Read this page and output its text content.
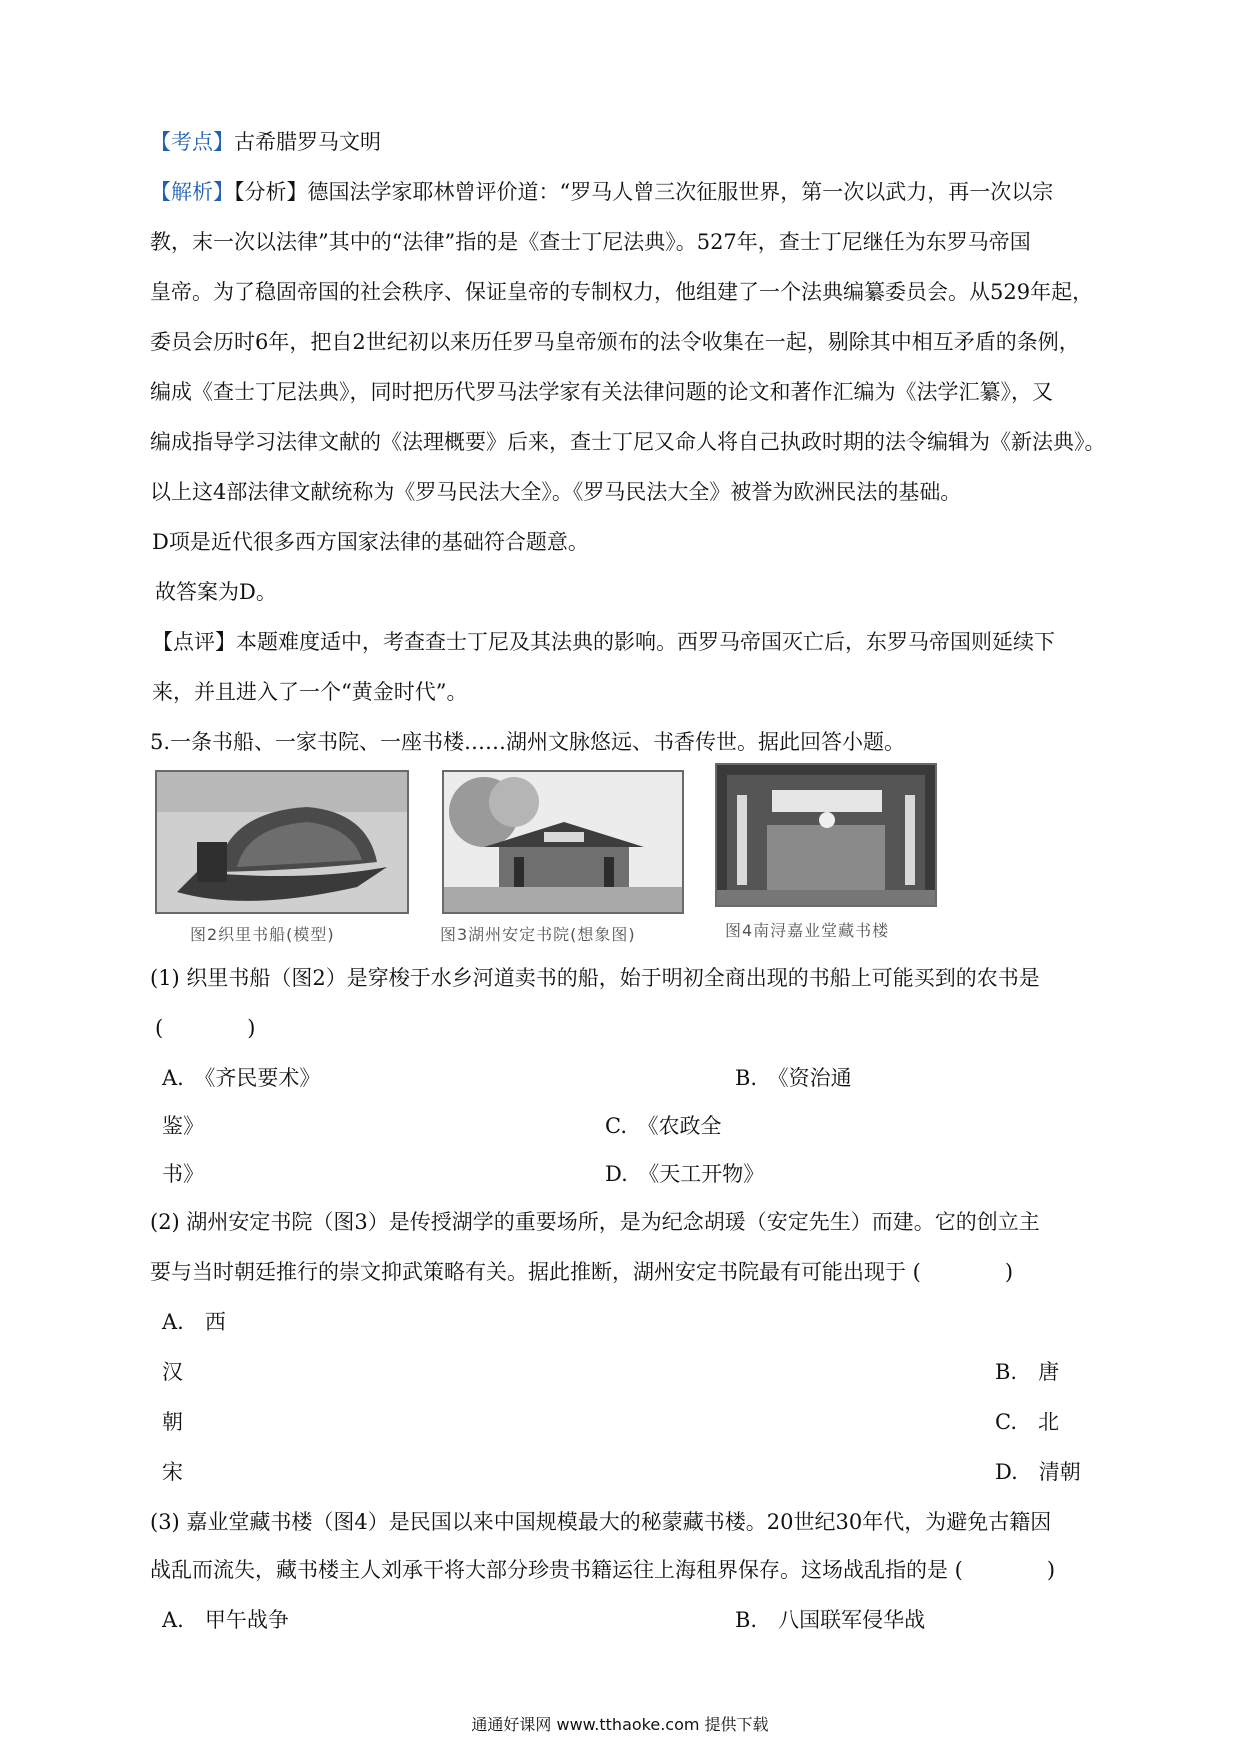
【考点】古希腊罗马文明
【解析】【分析】德国法学家耶林曾评价道：“罗马人曾三次征服世界，第一次以武力，再一次以宗
教，末一次以法律”其中的“法律”指的是《查士丁尼法典》。527年，查士丁尼继任为东罗马帝国
皇帝。为了稳固帝国的社会秩序、保证皇帝的专制权力，他组建了一个法典编纂委员会。从529年起，
委员会历时6年，把自2世纪初以来历任罗马皇帝颁布的法令收集在一起，剔除其中相互矛盾的条例，
编成《查士丁尼法典》，同时把历代罗马法学家有关法律问题的论文和著作汇编为《法学汇纂》，又
编成指导学习法律文献的《法理概要》后来，查士丁尼又命人将自己执政时期的法令编辑为《新法典》。
以上这4部法律文献统称为《罗马民法大全》。《罗马民法大全》被誉为欧洲民法的基础。
D项是近代很多西方国家法律的基础符合题意。
故答案为D。
【点评】本题难度适中，考查查士丁尼及其法典的影响。西罗马帝国灭亡后，东罗马帝国则延续下
来，并且进入了一个“黄金时代”。
5.一条书船、一家书院、一座书楼……湖州文脉悠远、书香传世。据此回答小题。
图2织里书船(模型)	图3湖州安定书院(想象图)	图4南浔嘉业堂藏书楼
(1) 织里书船（图2）是穿梭于水乡河道卖书的船，始于明初全商出现的书船上可能买到的农书是
(　　　　)
A.　《齐民要术》	B.　《资治通
鉴》	C.　《农政全
书》	D.　《天工开物》
(2) 湖州安定书院（图3）是传授湖学的重要场所，是为纪念胡瑗（安定先生）而建。它的创立主
要与当时朝廷推行的崇文抑武策略有关。据此推断，湖州安定书院最有可能出现于 (　　　　)
A.　西
汉	B.　唐
朝	C.　北
宋	D.　清朝
(3) 嘉业堂藏书楼（图4）是民国以来中国规模最大的秘蒙藏书楼。20世纪30年代，为避免古籍因
战乱而流失，藏书楼主人刘承干将大部分珍贵书籍运往上海租界保存。这场战乱指的是 (　　　　)
A.　甲午战争	B.　八国联军侵华战
通通好课网 www.tthaoke.com 提供下载
